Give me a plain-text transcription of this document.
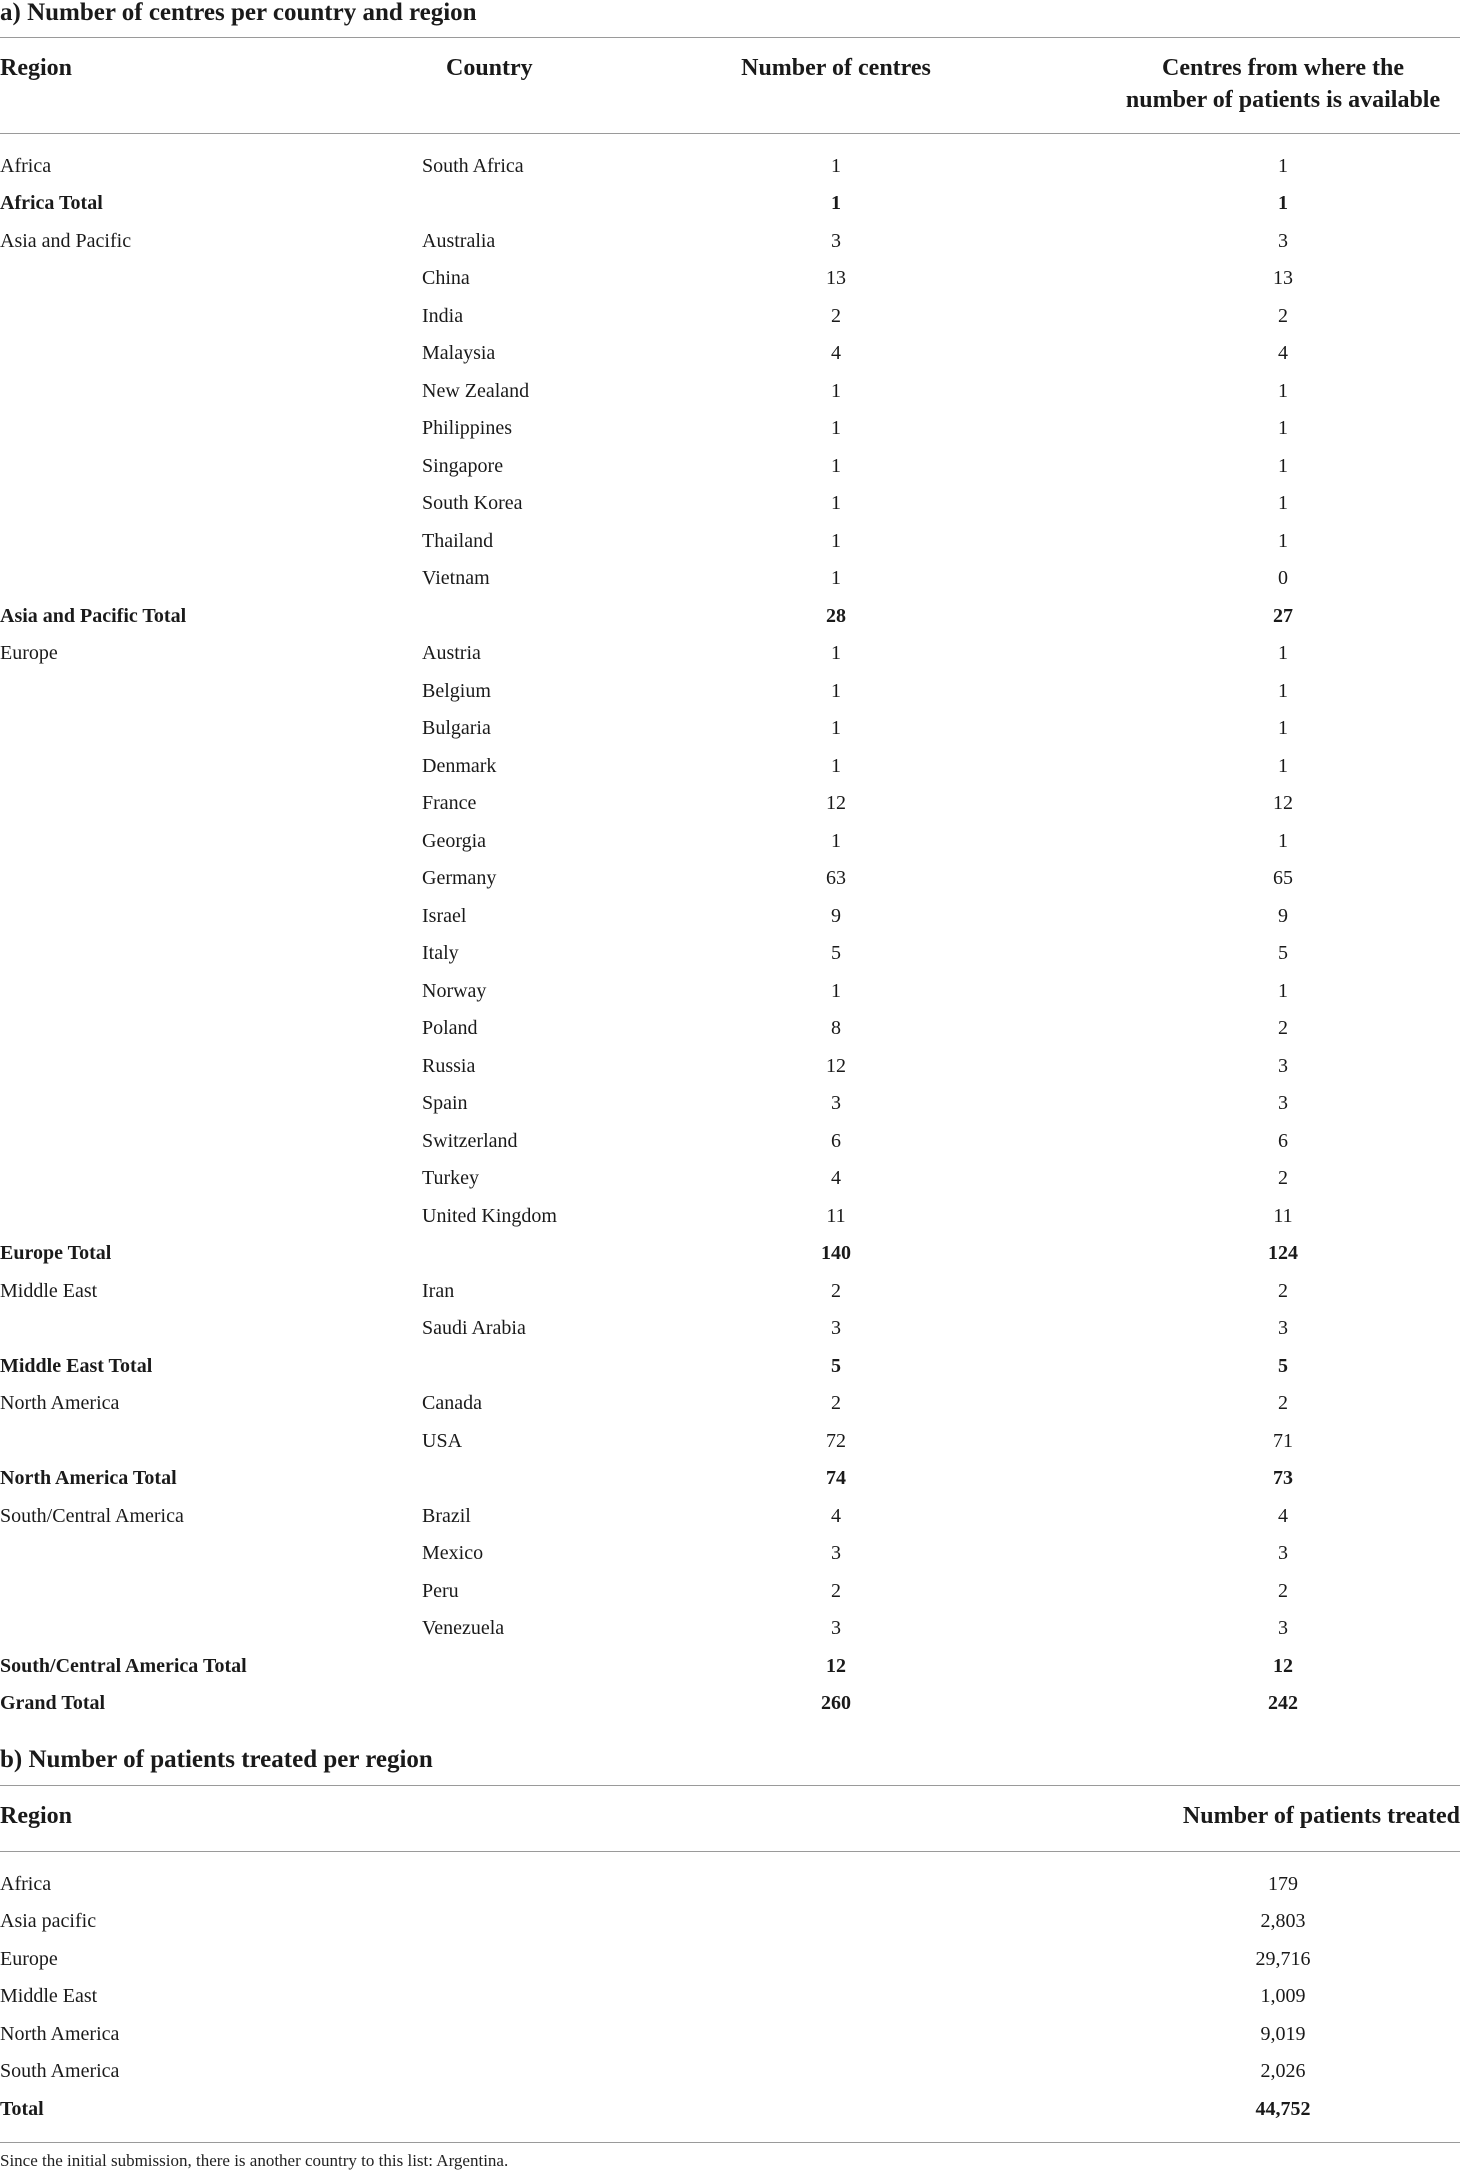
a) Number of centres per country and region
Region	Country	Number of centres	Centres from where the
number of patients is available
Africa	South Africa	1	1
Africa Total	1	1
Asia and Pacific	Australia	3	3
China	13	13
India	2	2
Malaysia	4	4
New Zealand	1	1
Philippines	1	1
Singapore	1	1
South Korea	1	1
Thailand	1	1
Vietnam	1	0
Asia and Pacific Total	28	27
Europe	Austria	1	1
Belgium	1	1
Bulgaria	1	1
Denmark	1	1
France	12	12
Georgia	1	1
Germany	63	65
Israel	9	9
Italy	5	5
Norway	1	1
Poland	8	2
Russia	12	3
Spain	3	3
Switzerland	6	6
Turkey	4	2
United Kingdom	11	11
Europe Total	140	124
Middle East	Iran	2	2
Saudi Arabia	3	3
Middle East Total	5	5
North America	Canada	2	2
USA	72	71
North America Total	74	73
South/Central America	Brazil	4	4
Mexico	3	3
Peru	2	2
Venezuela	3	3
South/Central America Total	12	12
Grand Total	260	242
b) Number of patients treated per region
Region	Number of patients treated
Africa	179
Asia pacific	2,803
Europe	29,716
Middle East	1,009
North America	9,019
South America	2,026
Total	44,752
Since the initial submission, there is another country to this list: Argentina.
